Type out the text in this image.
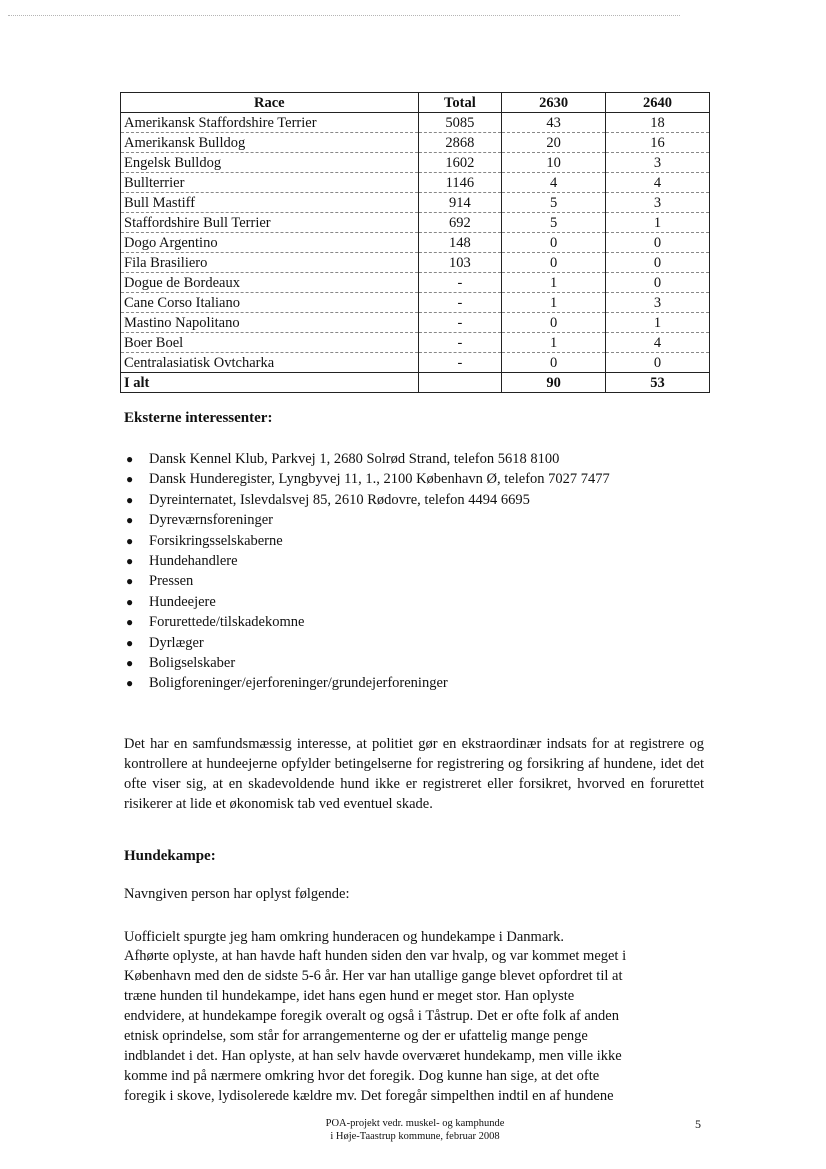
Race	Total	2630	2640
Amerikansk Staffordshire Terrier	5085	43	18
Amerikansk Bulldog	2868	20	16
Engelsk Bulldog	1602	10	3
Bullterrier	1146	4	4
Bull Mastiff	914	5	3
Staffordshire Bull Terrier	692	5	1
Dogo Argentino	148	0	0
Fila Brasiliero	103	0	0
Dogue de Bordeaux	-	1	0
Cane Corso Italiano	-	1	3
Mastino Napolitano	-	0	1
Boer Boel	-	1	4
Centralasiatisk Ovtcharka	-	0	0
I alt		90	53
Eksterne interessenter:
● Dansk Kennel Klub, Parkvej 1, 2680 Solrød Strand, telefon 5618 8100
● Dansk Hunderegister, Lyngbyvej 11, 1., 2100 København Ø, telefon 7027 7477
● Dyreinternatet, Islevdalsvej 85, 2610 Rødovre, telefon 4494 6695
● Dyreværnsforeninger
● Forsikringsselskaberne
● Hundehandlere
● Pressen
● Hundeejere
● Forurettede/tilskadekomne
● Dyrlæger
● Boligselskaber
● Boligforeninger/ejerforeninger/grundejerforeninger

Det har en samfundsmæssig interesse, at politiet gør en ekstraordinær indsats for at registrere og kontrollere at hundeejerne opfylder betingelserne for registrering og forsikring af hundene, idet det ofte viser sig, at en skadevoldende hund ikke er registreret eller forsikret, hvorved en forurettet risikerer at lide et økonomisk tab ved eventuel skade.

Hundekampe:

Navngiven person har oplyst følgende:

Uofficielt spurgte jeg ham omkring hunderacen og hundekampe i Danmark.

Afhørte oplyste, at han havde haft hunden siden den var hvalp, og var kommet meget i
København med den de sidste 5-6 år. Her var han utallige gange blevet opfordret til at
træne hunden til hundekampe, idet hans egen hund er meget stor. Han oplyste
endvidere, at hundekampe foregik overalt og også i Tåstrup. Det er ofte folk af anden
etnisk oprindelse, som står for arrangementerne og der er ufattelig mange penge
indblandet i det. Han oplyste, at han selv havde overværet hundekamp, men ville ikke
komme ind på nærmere omkring hvor det foregik. Dog kunne han sige, at det ofte
foregik i skove, lydisolerede kældre mv. Det foregår simpelthen indtil en af hundene
POA-projekt vedr. muskel- og kamphunde
i Høje-Taastrup kommune, februar 2008
5
